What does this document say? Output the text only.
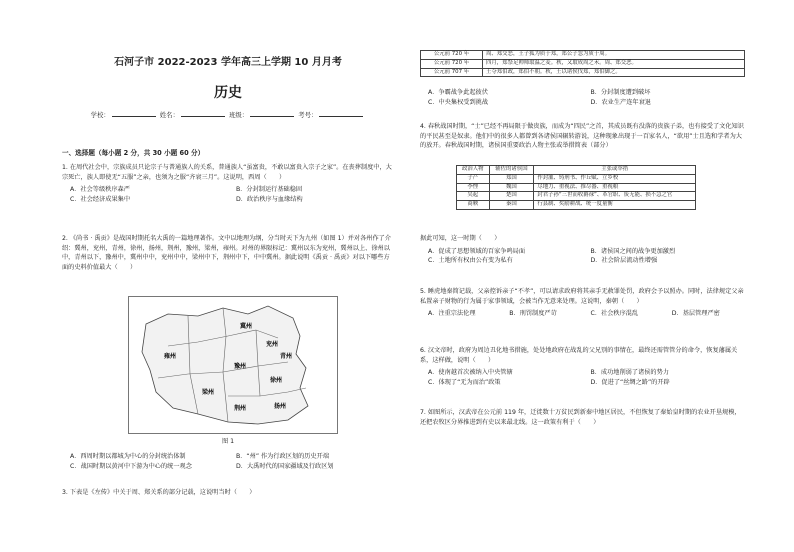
石河子市 2022-2023 学年高三上学期 10 月月考
历史
学校：	姓名：	班级：	考号：
一、选择题（每小题 2 分，共 30 小题 60 分）
1. 在周代社会中，宗族成员只论宗子与普通族人的关系，普通族人“虽富贵，不敢以富贵入宗子之家”。在丧葬制度中，大宗死亡，族人即使无“五服”之亲，也须为之服“齐衰三月”。这说明，西周（　　）
A．社会等级秩序森严	B．分封制运行基础稳固
C．社会经济成果集中	D．政治秩序与血缘结构
2. 《尚书 · 禹贡》是战国时期托名大禹的一篇地理著作。文中以地理为纲，分当时天下为九州（如图 1）并对各州作了介绍：冀州，兖州，青州，徐州，扬州，荆州，豫州，梁州，雍州。对州的界限标记：冀州以东为兖州，冀州以上、徐州以中，青州以下，豫州中，冀州中中，兖州中中，梁州中下，荆州中下，中中冀州。据此说明《禹贡 · 禹贡》对以下哪些方面的史料价值最大（　　）
冀州
雍州
兖州
青州
徐州
豫州
梁州
扬州
荆州
图 1
A．西周时期以都城为中心的分封统治体制	B．“州” 作为行政区划的历史开端
C．战国时期以黄河中下游为中心的统一观念	D．大禹时代的国家疆域及行政区划
3. 下表是《左传》中关于周、郑关系的部分记载，这说明当时（　　）
公元前 720 年	周、郑交恶，王子狐为质于郑，郑公子忽为质于周。
公元前 720 年	四月，郑祭足帅师取温之麦。秋，又取成周之禾。周、郑交恶。
公元前 707 年	王夺郑伯政，郑伯不朝。秋，王以诸侯伐郑，郑伯御之。
A．争霸战争此起彼伏	B．分封制度遭到破坏
C．中央集权受到挑战	D．农业生产连年衰退
4. 春秋战国时期，“士”已经不再局限于做贵族，而成为“四民”之首，其成员既有没落的贵族子弟，也有接受了文化知识的平民甚至是奴隶。他们中的很多人都曾到各诸侯国辗转游说，这种现象出现于一百家名人，“欲用”士且选和学者为大的放开。春秋战国时期，诸侯国重要政治人物主张或举措简表（部分）
政治人物	辅佐的诸侯国	主张或举措
子产	郑国	作封洫、铸刑书、作丘赋、立乡校
李悝	魏国	尽地力、重视法、推尽器、重视粮
吴起	楚国	封君子孙“三世而收爵禄”、革官职、废无能、损不急之官
商鞅	秦国	行县制、奖励耕战、统一度量衡
据此可知，这一时期（　　）
A．促成了思想领域的百家争鸣局面	B．诸侯国之间的战争更加激烈
C．土地所有权由公有变为私有	D．社会阶层流动性增强
5. 睡虎地秦简记载，父亲控诉亲子“不孝”，可以请求政府将其亲手无赦罪处罚，政府会予以照办。同时，法律规定父亲私置亲子财物的行为属于家事领域，会被当作无意来处理。这说明，秦朝（　　）
A．注重宗法伦理	B．刑罚制度严苛	C．社会秩序混乱	D．基层管理严密
6. 汉文帝时，政府为周边丑化地书措施，处处地政府在战乱的父兄别的事情在，最终还需管管分的命令，恢复藩属关系，这样做，说明（　　）
A．使南越首次被纳入中央管辖	B．成功地削弱了诸侯的势力
C．体现了“无为而治”政策	D．促进了“丝绸之路”的开辟
7. 如图所示，汉武帝在公元前 119 年，迁徙数十万贫民到新秦中地区居民，不但恢复了秦始皇时期的农业开垦规模，还把农牧区分界推进到有史以来最北线。这一政策有利于（　　）
